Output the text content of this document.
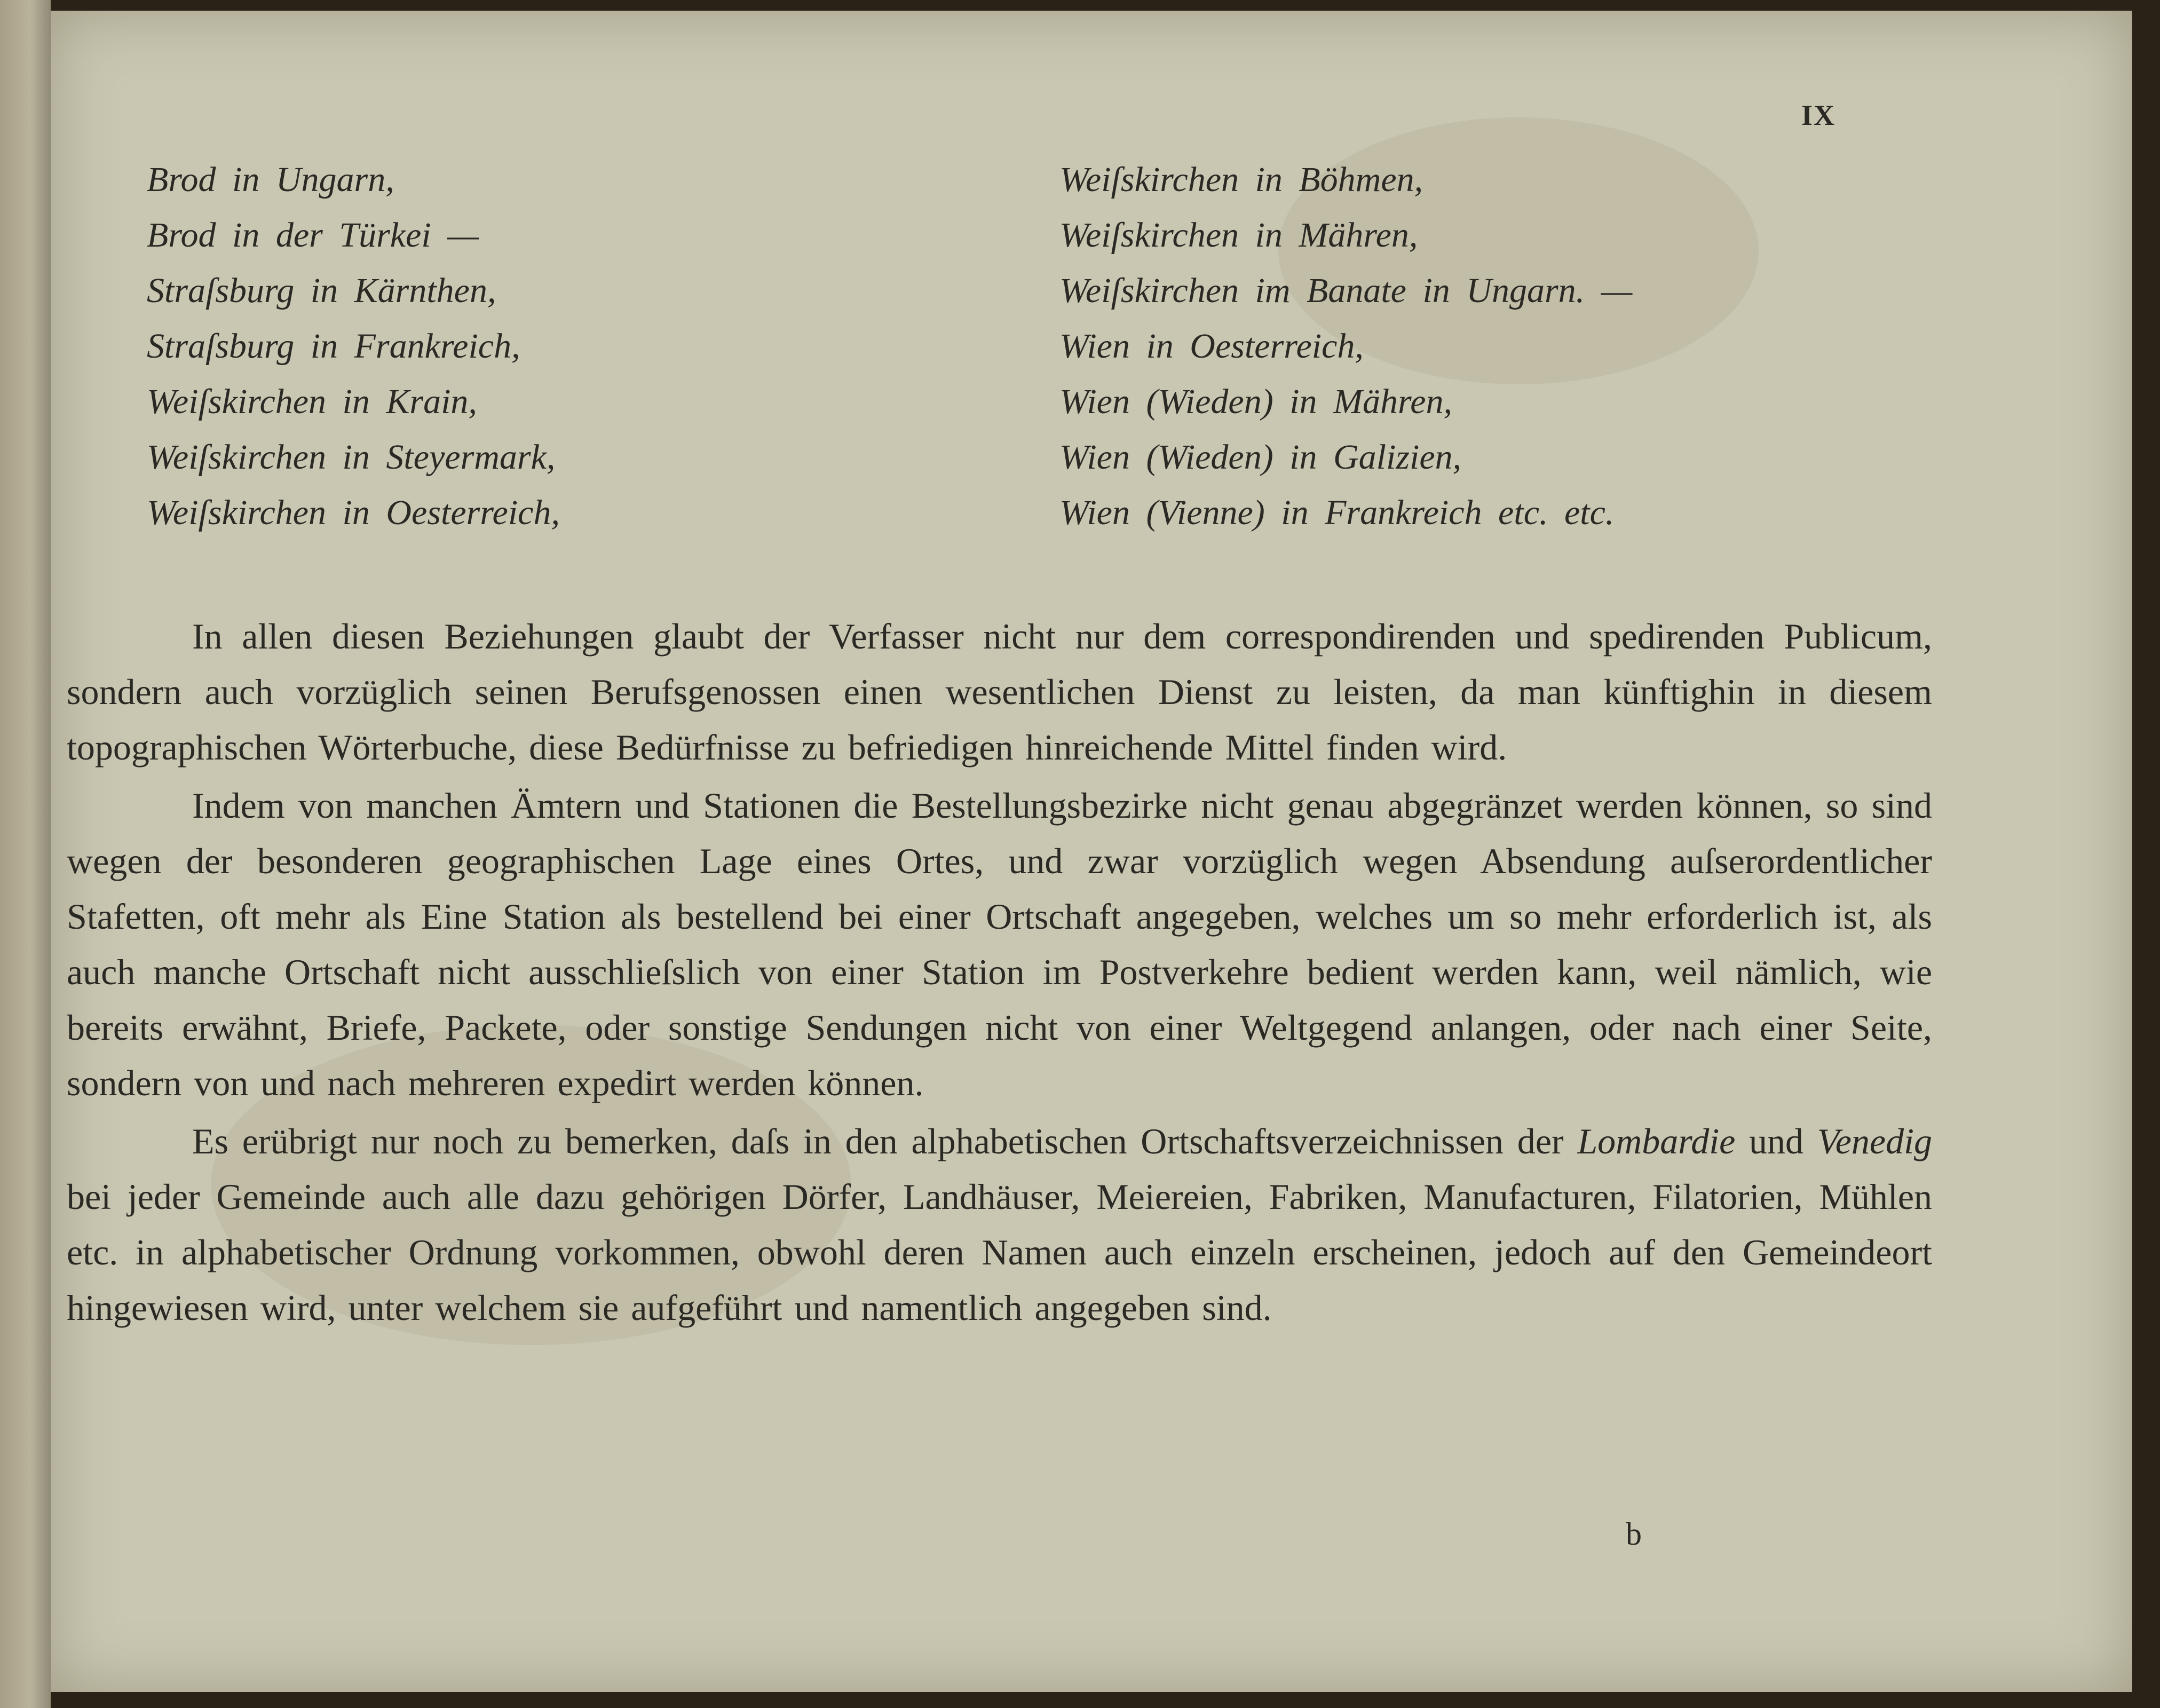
IX
Brod in Ungarn,
Brod in der Türkei —
Straſsburg in Kärnthen,
Straſsburg in Frankreich,
Weiſskirchen in Krain,
Weiſskirchen in Steyermark,
Weiſskirchen in Oesterreich,
Weiſskirchen in Böhmen,
Weiſskirchen in Mähren,
Weiſskirchen im Banate in Ungarn. —
Wien in Oesterreich,
Wien (Wieden) in Mähren,
Wien (Wieden) in Galizien,
Wien (Vienne) in Frankreich etc. etc.

In allen diesen Beziehungen glaubt der Verfasser nicht nur dem correspondirenden und spedirenden Publicum, sondern auch vorzüglich seinen Berufsgenossen einen wesentlichen Dienst zu leisten, da man künftighin in diesem topographischen Wörterbuche, diese Bedürfnisse zu befriedigen hinreichende Mittel finden wird.

Indem von manchen Ämtern und Stationen die Bestellungsbezirke nicht genau abgegränzet werden können, so sind wegen der besonderen geographischen Lage eines Ortes, und zwar vorzüglich wegen Absendung auſserordentlicher Stafetten, oft mehr als Eine Station als bestellend bei einer Ortschaft angegeben, welches um so mehr erforderlich ist, als auch manche Ortschaft nicht ausschlieſslich von einer Station im Postverkehre bedient werden kann, weil nämlich, wie bereits erwähnt, Briefe, Packete, oder sonstige Sendungen nicht von einer Weltgegend anlangen, oder nach einer Seite, sondern von und nach mehreren expedirt werden können.

Es erübrigt nur noch zu bemerken, daſs in den alphabetischen Ortschaftsverzeichnissen der Lombardie und Venedig bei jeder Gemeinde auch alle dazu gehörigen Dörfer, Landhäuser, Meiereien, Fabriken, Manufacturen, Filatorien, Mühlen etc. in alphabetischer Ordnung vorkommen, obwohl deren Namen auch einzeln erscheinen, jedoch auf den Gemeindeort hingewiesen wird, unter welchem sie aufgeführt und namentlich angegeben sind.

b
